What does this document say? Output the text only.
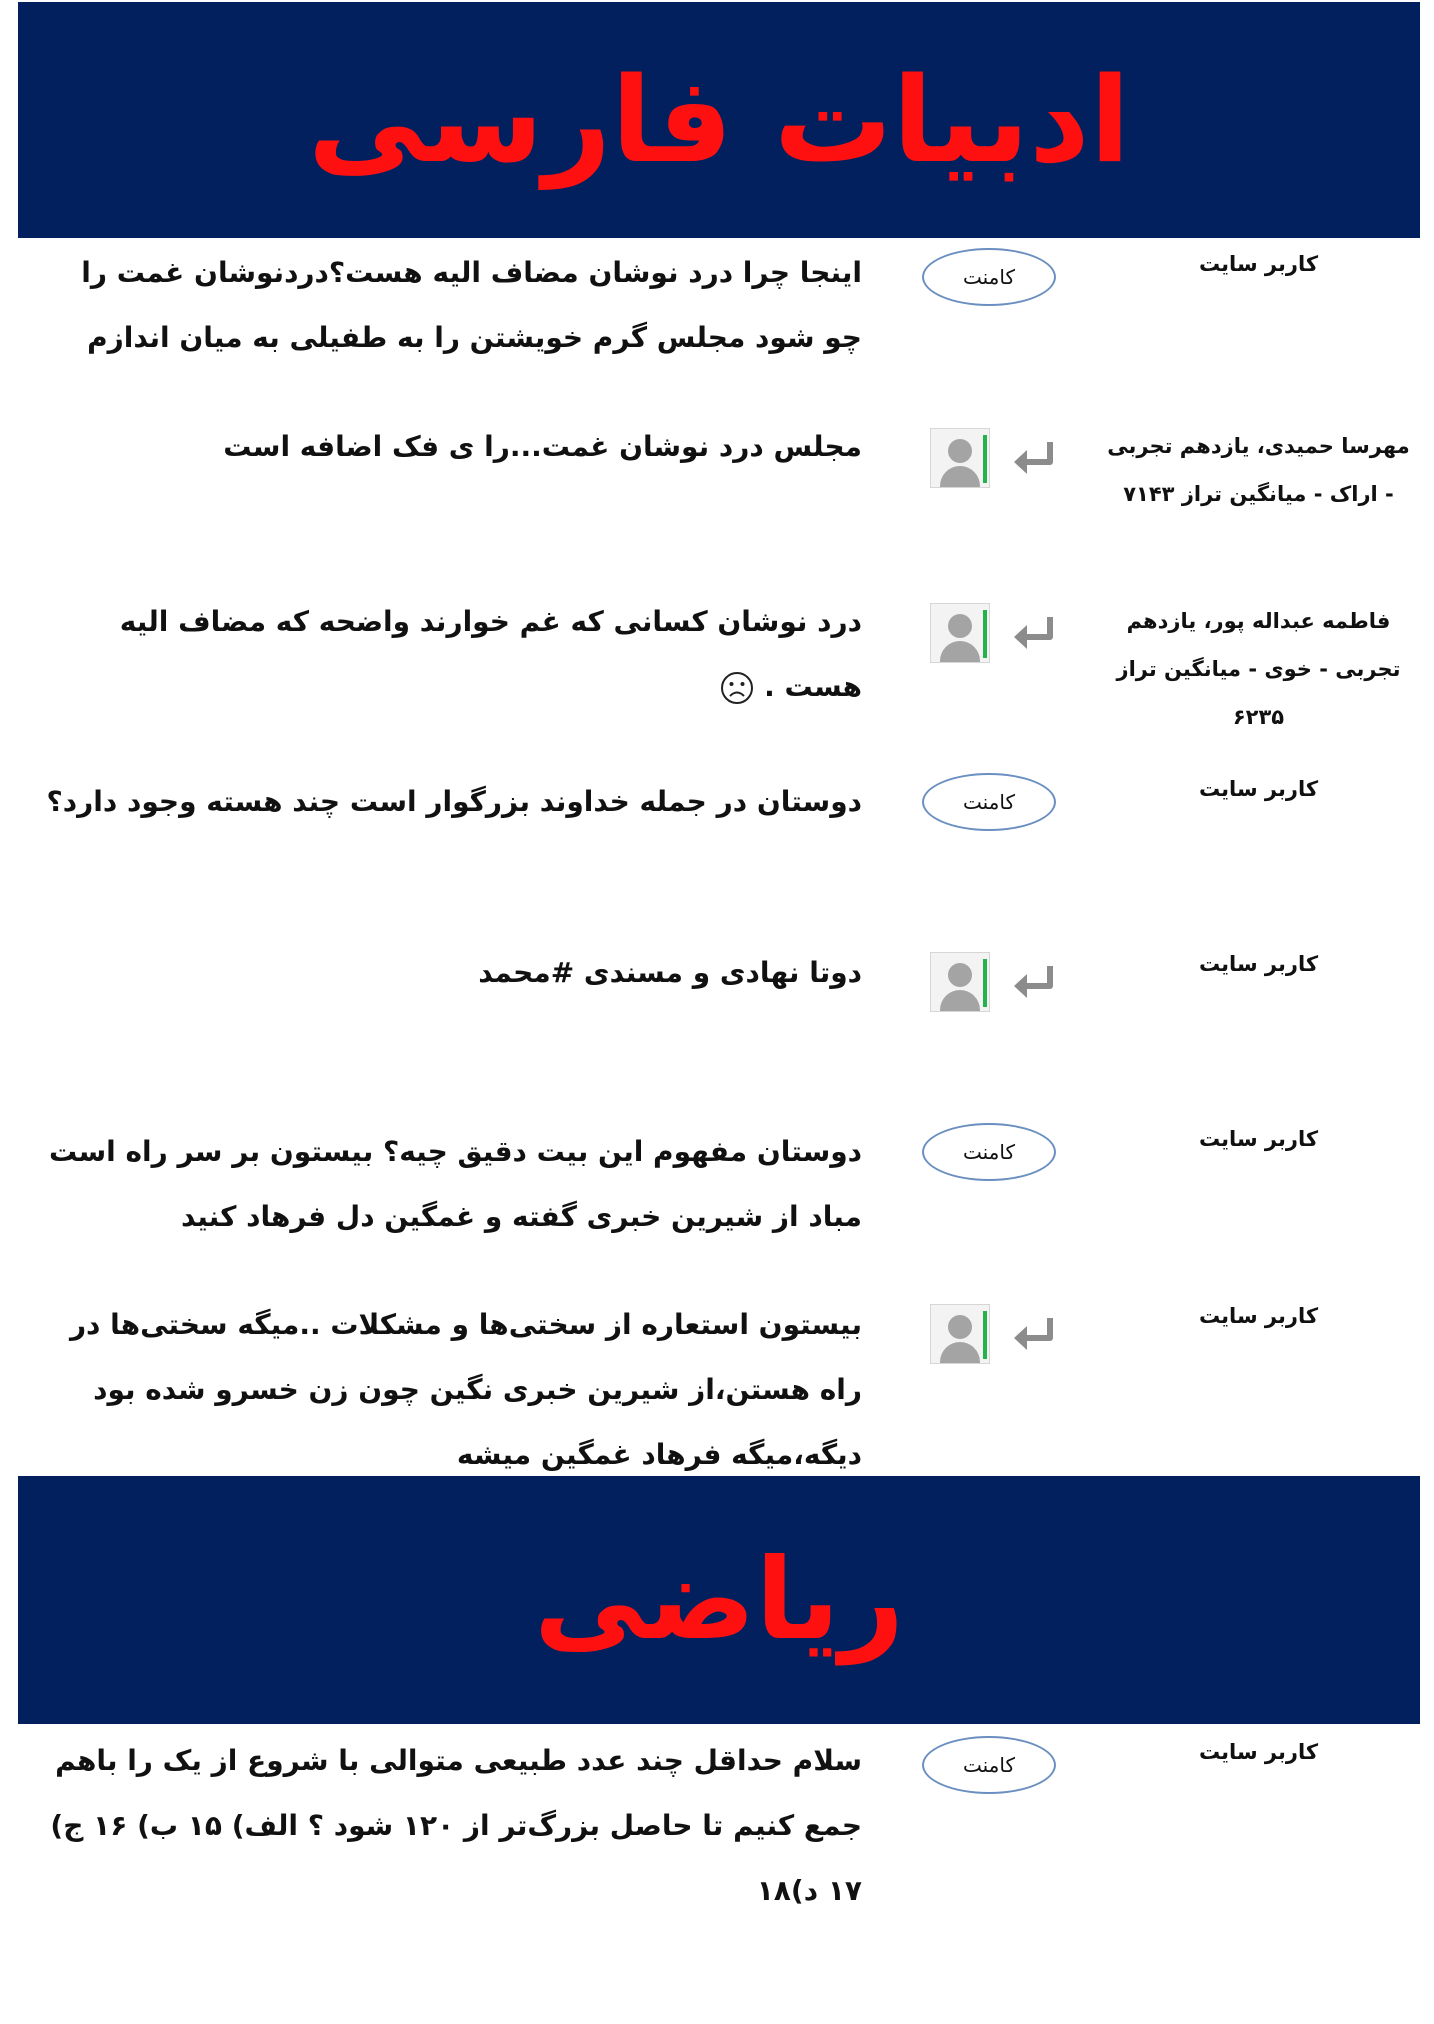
ادبیات فارسی
کاربر سایت
کامنت
اینجا چرا درد نوشان مضاف الیه هست؟دردنوشان غمت را چو شود مجلس گرم خویشتن را به طفیلی به میان اندازم
مهرسا حمیدی، یازدهم تجربی - اراک - میانگین تراز ۷۱۴۳
مجلس درد نوشان غمت...را ی فک اضافه است
فاطمه عبداله پور، یازدهم تجربی - خوی - میانگین تراز ۶۲۳۵
درد نوشان کسانی که غم خوارند واضحه که مضاف الیه هست .
کاربر سایت
کامنت
دوستان در جمله خداوند بزرگوار است چند هسته وجود دارد؟
کاربر سایت
دوتا نهادی و مسندی #محمد
کاربر سایت
کامنت
دوستان مفهوم این بیت دقیق چیه؟ بیستون بر سر راه است مباد از شیرین خبری گفته و غمگین دل فرهاد کنید
کاربر سایت
بیستون استعاره از سختی‌ها و مشکلات ..میگه سختی‌ها در راه هستن،از شیرین خبری نگین چون زن خسرو شده بود دیگه،میگه فرهاد غمگین میشه
ریاضی
کاربر سایت
کامنت
سلام حداقل چند عدد طبیعی متوالی با شروع از یک را باهم جمع کنیم تا حاصل بزرگ‌تر از ۱۲۰ شود ؟ الف) ۱۵ ب) ۱۶ ج) ۱۷ د)۱۸
